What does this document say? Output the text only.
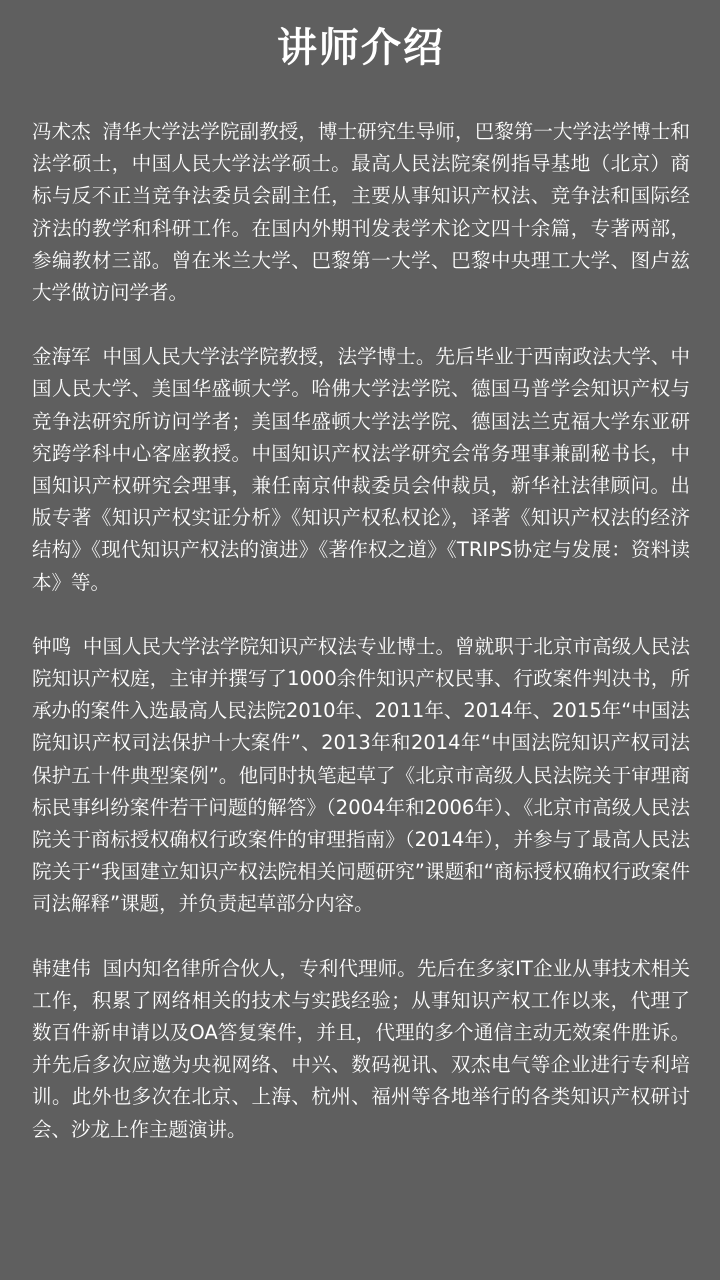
讲师介绍

冯术杰 清华大学法学院副教授，博士研究生导师，巴黎第一大学法学博士和法学硕士，中国人民大学法学硕士。最高人民法院案例指导基地（北京）商标与反不正当竞争法委员会副主任，主要从事知识产权法、竞争法和国际经济法的教学和科研工作。在国内外期刊发表学术论文四十余篇，专著两部，参编教材三部。曾在米兰大学、巴黎第一大学、巴黎中央理工大学、图卢兹大学做访问学者。

金海军 中国人民大学法学院教授，法学博士。先后毕业于西南政法大学、中国人民大学、美国华盛顿大学。哈佛大学法学院、德国马普学会知识产权与竞争法研究所访问学者；美国华盛顿大学法学院、德国法兰克福大学东亚研究跨学科中心客座教授。中国知识产权法学研究会常务理事兼副秘书长，中国知识产权研究会理事，兼任南京仲裁委员会仲裁员，新华社法律顾问。出版专著《知识产权实证分析》《知识产权私权论》，译著《知识产权法的经济结构》《现代知识产权法的演进》《著作权之道》《TRIPS协定与发展：资料读本》等。

钟鸣 中国人民大学法学院知识产权法专业博士。曾就职于北京市高级人民法院知识产权庭，主审并撰写了1000余件知识产权民事、行政案件判决书，所承办的案件入选最高人民法院2010年、2011年、2014年、2015年“中国法院知识产权司法保护十大案件”、2013年和2014年“中国法院知识产权司法保护五十件典型案例”。他同时执笔起草了《北京市高级人民法院关于审理商标民事纠纷案件若干问题的解答》（2004年和2006年）、《北京市高级人民法院关于商标授权确权行政案件的审理指南》（2014年），并参与了最高人民法院关于“我国建立知识产权法院相关问题研究”课题和“商标授权确权行政案件司法解释”课题，并负责起草部分内容。

韩建伟 国内知名律所合伙人，专利代理师。先后在多家IT企业从事技术相关工作，积累了网络相关的技术与实践经验；从事知识产权工作以来，代理了数百件新申请以及OA答复案件，并且，代理的多个通信主动无效案件胜诉。并先后多次应邀为央视网络、中兴、数码视讯、双杰电气等企业进行专利培训。此外也多次在北京、上海、杭州、福州等各地举行的各类知识产权研讨会、沙龙上作主题演讲。
